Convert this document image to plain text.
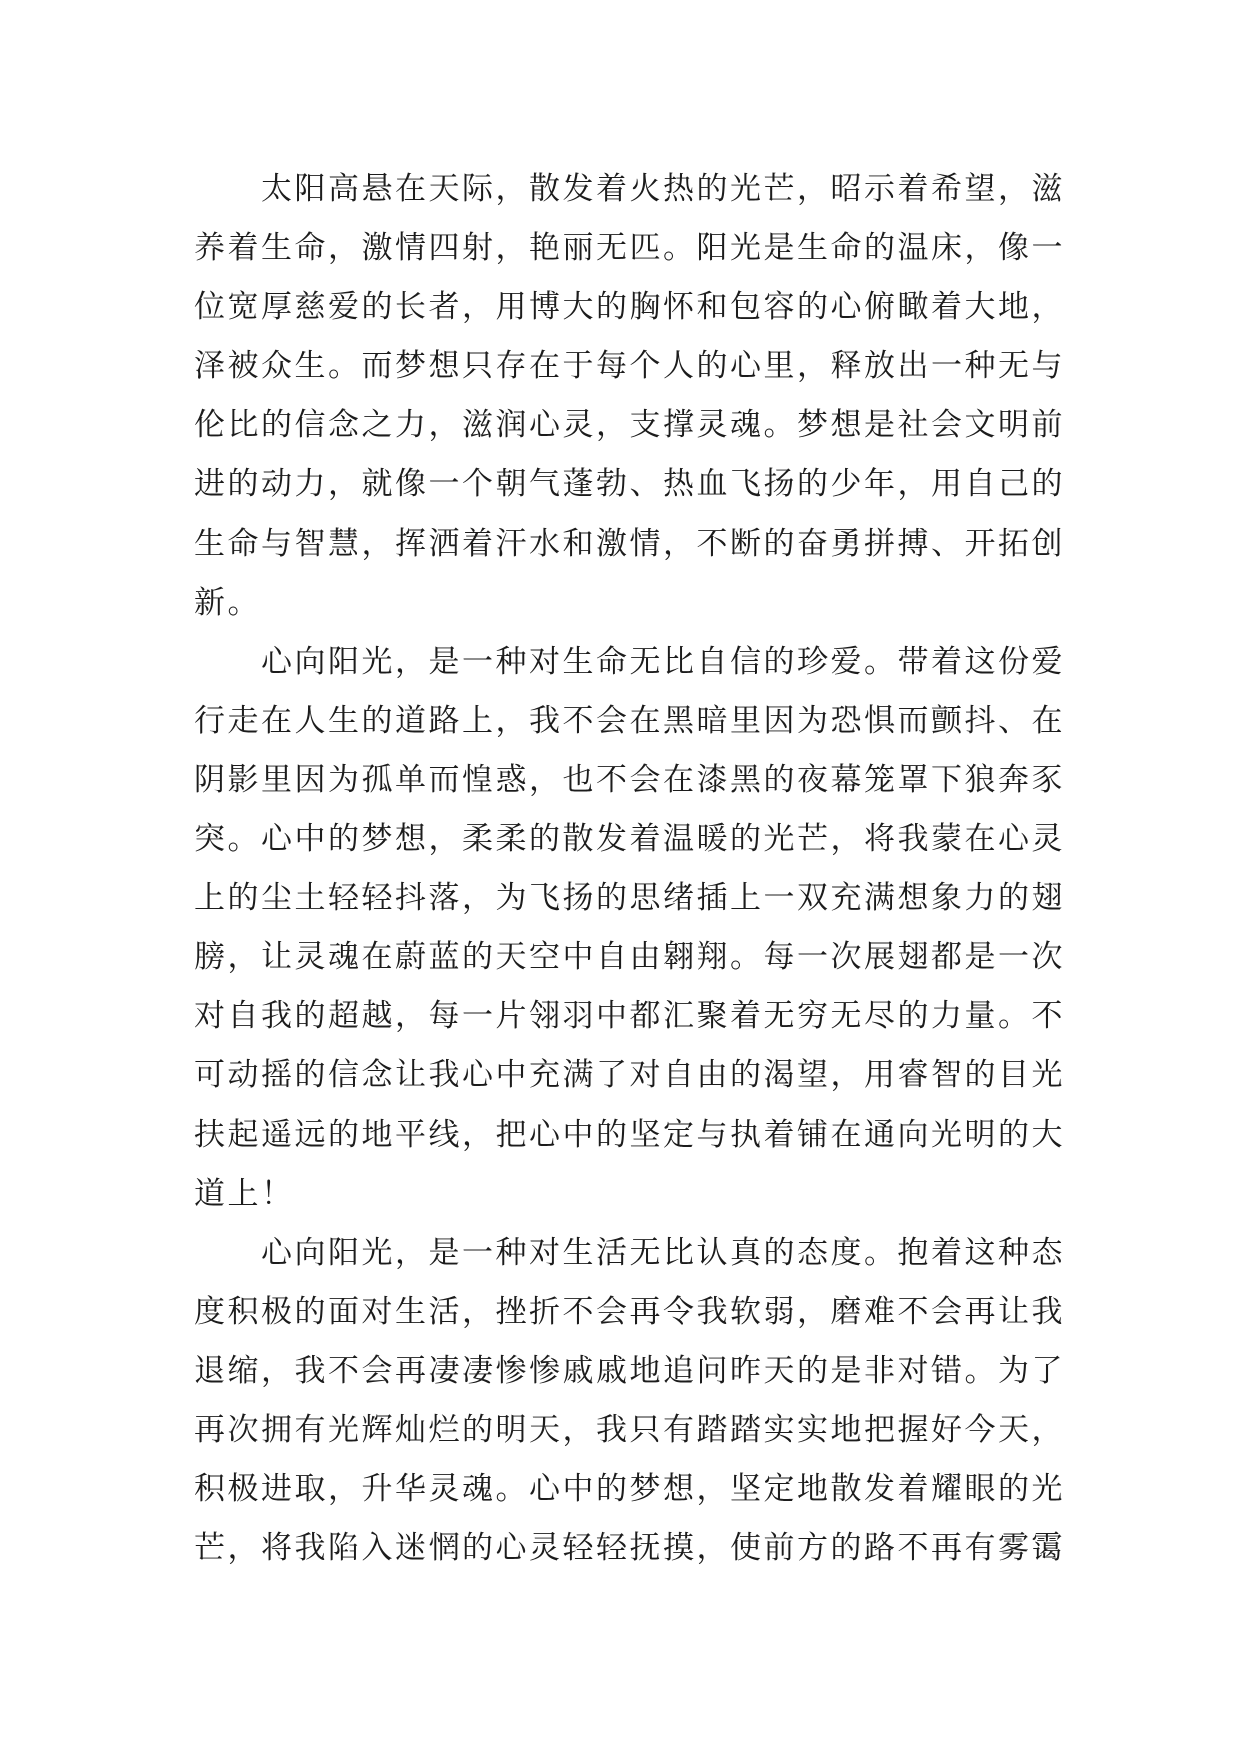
太阳高悬在天际，散发着火热的光芒，昭示着希望，滋
养着生命，激情四射，艳丽无匹。阳光是生命的温床，像一
位宽厚慈爱的长者，用博大的胸怀和包容的心俯瞰着大地，
泽被众生。而梦想只存在于每个人的心里，释放出一种无与
伦比的信念之力，滋润心灵，支撑灵魂。梦想是社会文明前
进的动力，就像一个朝气蓬勃、热血飞扬的少年，用自己的
生命与智慧，挥洒着汗水和激情，不断的奋勇拼搏、开拓创
新。
心向阳光，是一种对生命无比自信的珍爱。带着这份爱
行走在人生的道路上，我不会在黑暗里因为恐惧而颤抖、在
阴影里因为孤单而惶惑，也不会在漆黑的夜幕笼罩下狼奔豕
突。心中的梦想，柔柔的散发着温暖的光芒，将我蒙在心灵
上的尘土轻轻抖落，为飞扬的思绪插上一双充满想象力的翅
膀，让灵魂在蔚蓝的天空中自由翱翔。每一次展翅都是一次
对自我的超越，每一片翎羽中都汇聚着无穷无尽的力量。不
可动摇的信念让我心中充满了对自由的渴望，用睿智的目光
扶起遥远的地平线，把心中的坚定与执着铺在通向光明的大
道上！
心向阳光，是一种对生活无比认真的态度。抱着这种态
度积极的面对生活，挫折不会再令我软弱，磨难不会再让我
退缩，我不会再凄凄惨惨戚戚地追问昨天的是非对错。为了
再次拥有光辉灿烂的明天，我只有踏踏实实地把握好今天，
积极进取，升华灵魂。心中的梦想，坚定地散发着耀眼的光
芒，将我陷入迷惘的心灵轻轻抚摸，使前方的路不再有雾霭
